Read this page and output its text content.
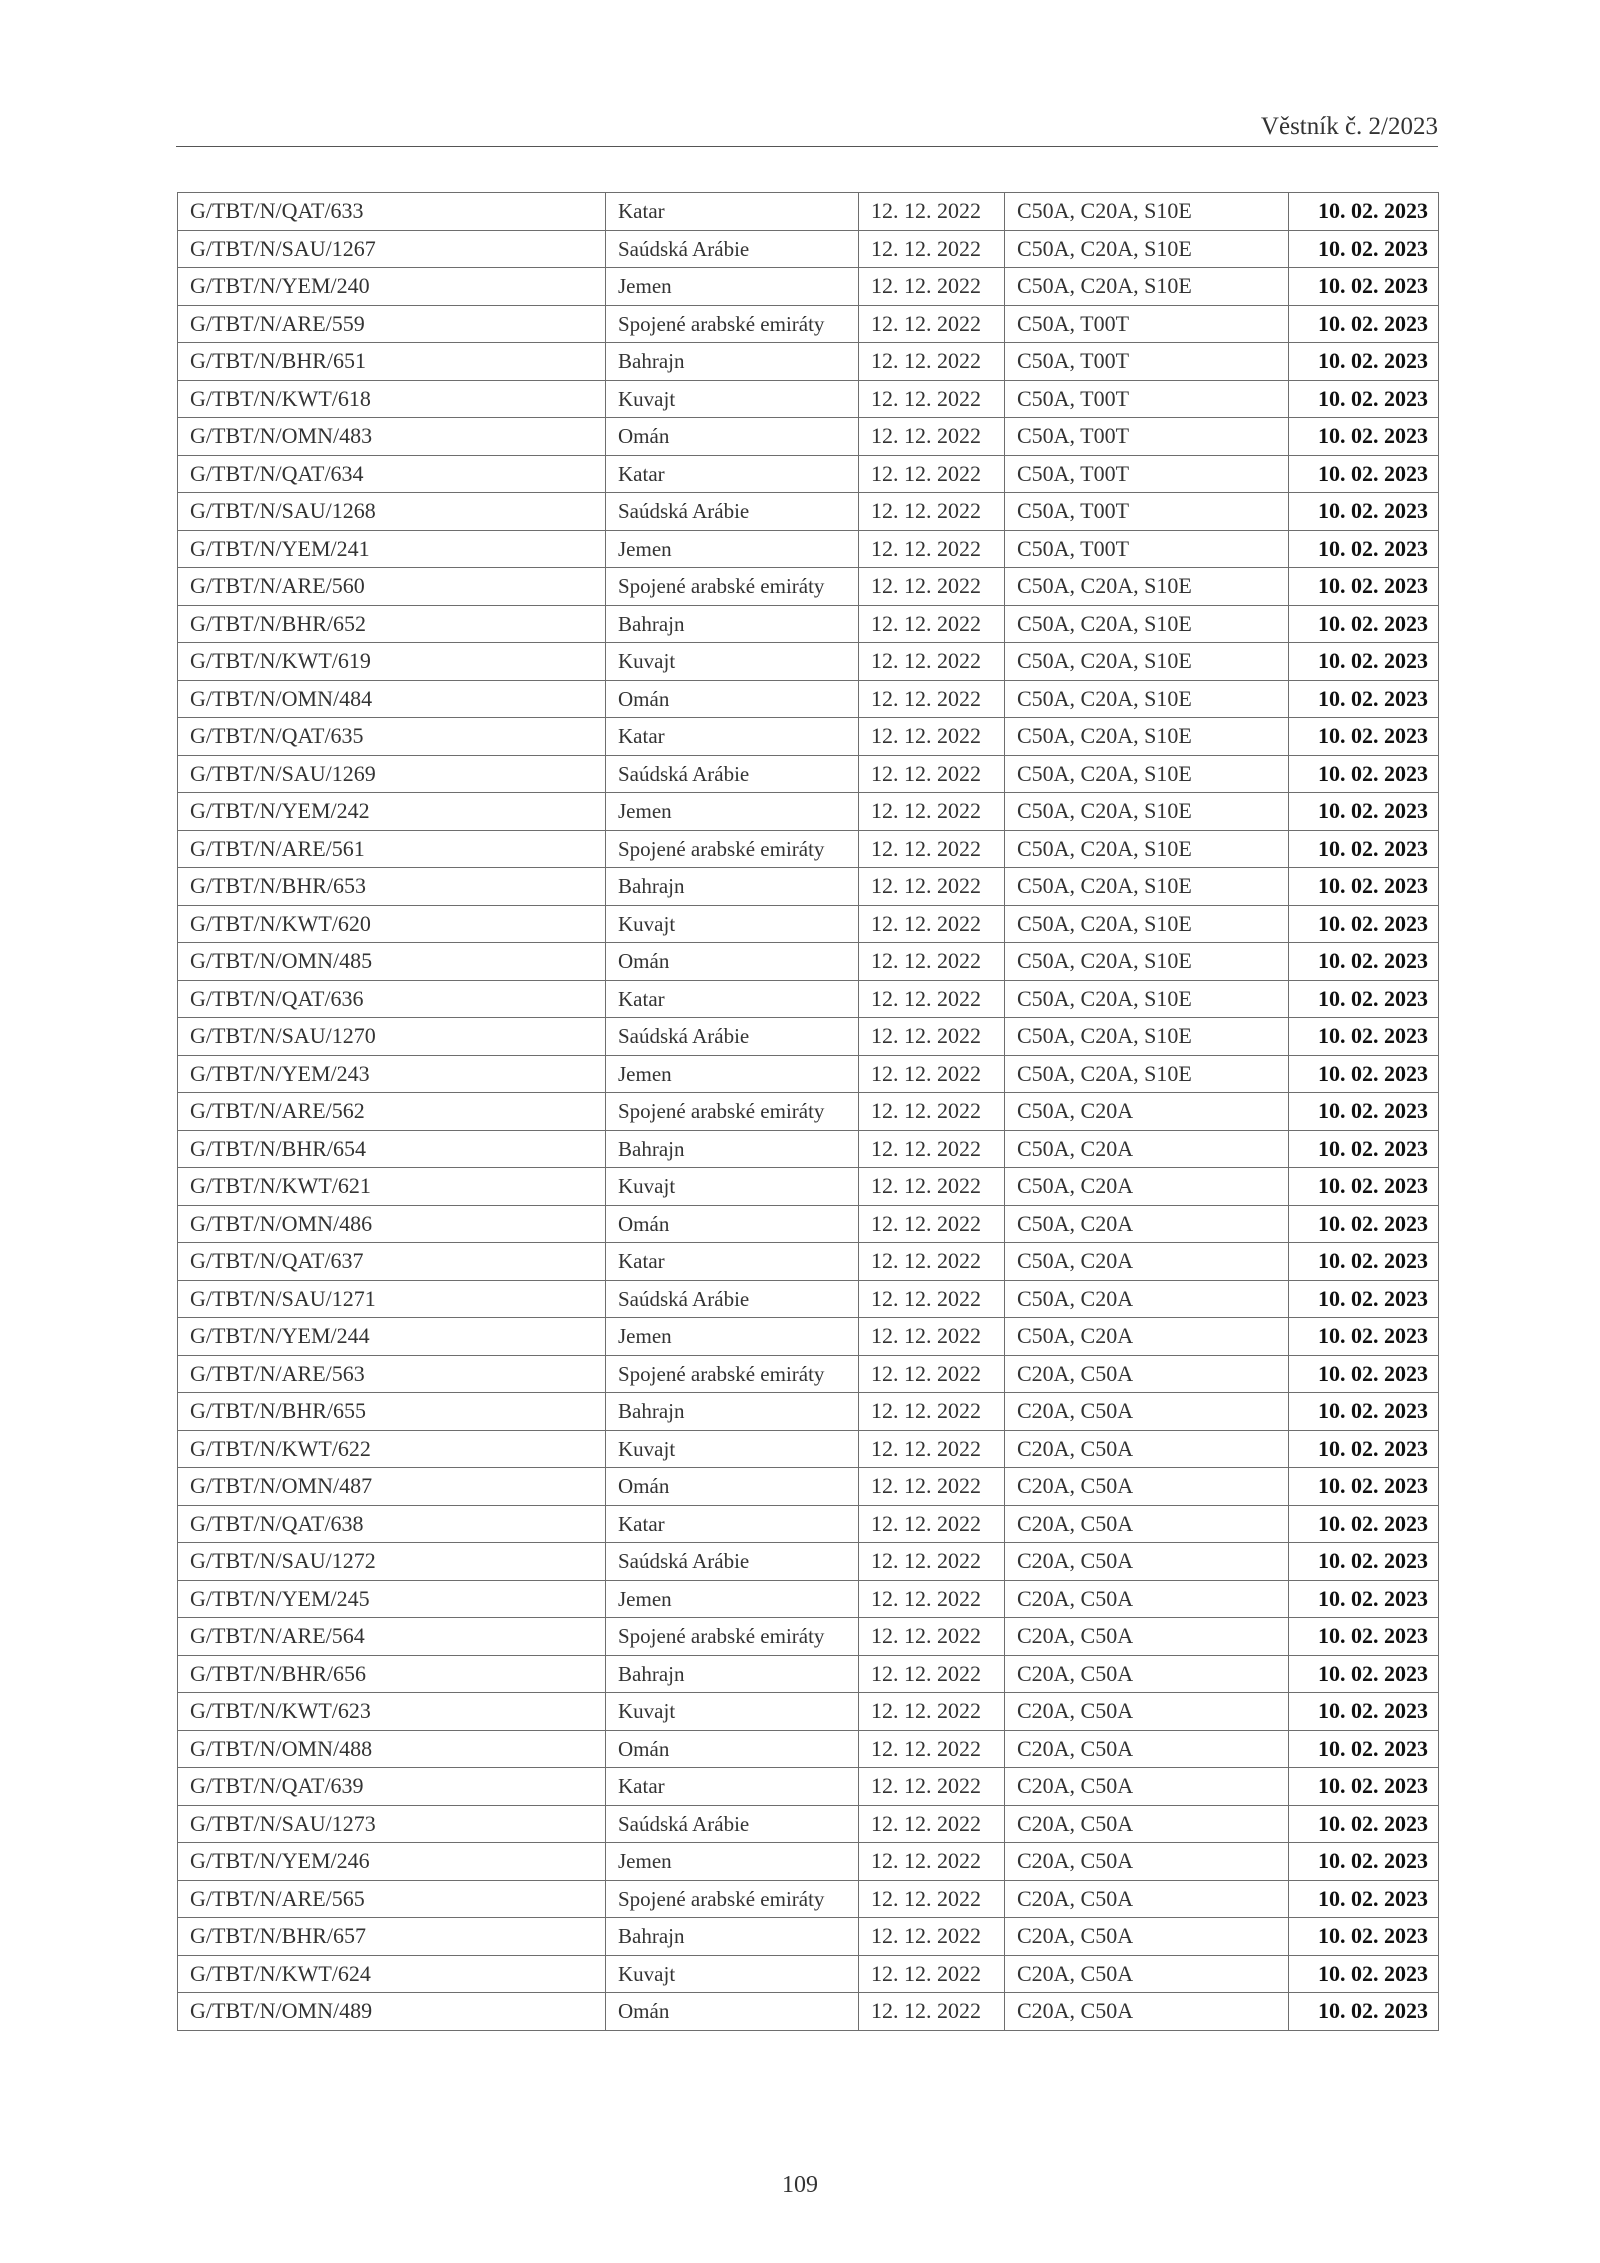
Věstník č. 2/2023
G/TBT/N/QAT/633	Katar	12. 12. 2022	C50A, C20A, S10E	10. 02. 2023
G/TBT/N/SAU/1267	Saúdská Arábie	12. 12. 2022	C50A, C20A, S10E	10. 02. 2023
G/TBT/N/YEM/240	Jemen	12. 12. 2022	C50A, C20A, S10E	10. 02. 2023
G/TBT/N/ARE/559	Spojené arabské emiráty	12. 12. 2022	C50A, T00T	10. 02. 2023
G/TBT/N/BHR/651	Bahrajn	12. 12. 2022	C50A, T00T	10. 02. 2023
G/TBT/N/KWT/618	Kuvajt	12. 12. 2022	C50A, T00T	10. 02. 2023
G/TBT/N/OMN/483	Omán	12. 12. 2022	C50A, T00T	10. 02. 2023
G/TBT/N/QAT/634	Katar	12. 12. 2022	C50A, T00T	10. 02. 2023
G/TBT/N/SAU/1268	Saúdská Arábie	12. 12. 2022	C50A, T00T	10. 02. 2023
G/TBT/N/YEM/241	Jemen	12. 12. 2022	C50A, T00T	10. 02. 2023
G/TBT/N/ARE/560	Spojené arabské emiráty	12. 12. 2022	C50A, C20A, S10E	10. 02. 2023
G/TBT/N/BHR/652	Bahrajn	12. 12. 2022	C50A, C20A, S10E	10. 02. 2023
G/TBT/N/KWT/619	Kuvajt	12. 12. 2022	C50A, C20A, S10E	10. 02. 2023
G/TBT/N/OMN/484	Omán	12. 12. 2022	C50A, C20A, S10E	10. 02. 2023
G/TBT/N/QAT/635	Katar	12. 12. 2022	C50A, C20A, S10E	10. 02. 2023
G/TBT/N/SAU/1269	Saúdská Arábie	12. 12. 2022	C50A, C20A, S10E	10. 02. 2023
G/TBT/N/YEM/242	Jemen	12. 12. 2022	C50A, C20A, S10E	10. 02. 2023
G/TBT/N/ARE/561	Spojené arabské emiráty	12. 12. 2022	C50A, C20A, S10E	10. 02. 2023
G/TBT/N/BHR/653	Bahrajn	12. 12. 2022	C50A, C20A, S10E	10. 02. 2023
G/TBT/N/KWT/620	Kuvajt	12. 12. 2022	C50A, C20A, S10E	10. 02. 2023
G/TBT/N/OMN/485	Omán	12. 12. 2022	C50A, C20A, S10E	10. 02. 2023
G/TBT/N/QAT/636	Katar	12. 12. 2022	C50A, C20A, S10E	10. 02. 2023
G/TBT/N/SAU/1270	Saúdská Arábie	12. 12. 2022	C50A, C20A, S10E	10. 02. 2023
G/TBT/N/YEM/243	Jemen	12. 12. 2022	C50A, C20A, S10E	10. 02. 2023
G/TBT/N/ARE/562	Spojené arabské emiráty	12. 12. 2022	C50A, C20A	10. 02. 2023
G/TBT/N/BHR/654	Bahrajn	12. 12. 2022	C50A, C20A	10. 02. 2023
G/TBT/N/KWT/621	Kuvajt	12. 12. 2022	C50A, C20A	10. 02. 2023
G/TBT/N/OMN/486	Omán	12. 12. 2022	C50A, C20A	10. 02. 2023
G/TBT/N/QAT/637	Katar	12. 12. 2022	C50A, C20A	10. 02. 2023
G/TBT/N/SAU/1271	Saúdská Arábie	12. 12. 2022	C50A, C20A	10. 02. 2023
G/TBT/N/YEM/244	Jemen	12. 12. 2022	C50A, C20A	10. 02. 2023
G/TBT/N/ARE/563	Spojené arabské emiráty	12. 12. 2022	C20A, C50A	10. 02. 2023
G/TBT/N/BHR/655	Bahrajn	12. 12. 2022	C20A, C50A	10. 02. 2023
G/TBT/N/KWT/622	Kuvajt	12. 12. 2022	C20A, C50A	10. 02. 2023
G/TBT/N/OMN/487	Omán	12. 12. 2022	C20A, C50A	10. 02. 2023
G/TBT/N/QAT/638	Katar	12. 12. 2022	C20A, C50A	10. 02. 2023
G/TBT/N/SAU/1272	Saúdská Arábie	12. 12. 2022	C20A, C50A	10. 02. 2023
G/TBT/N/YEM/245	Jemen	12. 12. 2022	C20A, C50A	10. 02. 2023
G/TBT/N/ARE/564	Spojené arabské emiráty	12. 12. 2022	C20A, C50A	10. 02. 2023
G/TBT/N/BHR/656	Bahrajn	12. 12. 2022	C20A, C50A	10. 02. 2023
G/TBT/N/KWT/623	Kuvajt	12. 12. 2022	C20A, C50A	10. 02. 2023
G/TBT/N/OMN/488	Omán	12. 12. 2022	C20A, C50A	10. 02. 2023
G/TBT/N/QAT/639	Katar	12. 12. 2022	C20A, C50A	10. 02. 2023
G/TBT/N/SAU/1273	Saúdská Arábie	12. 12. 2022	C20A, C50A	10. 02. 2023
G/TBT/N/YEM/246	Jemen	12. 12. 2022	C20A, C50A	10. 02. 2023
G/TBT/N/ARE/565	Spojené arabské emiráty	12. 12. 2022	C20A, C50A	10. 02. 2023
G/TBT/N/BHR/657	Bahrajn	12. 12. 2022	C20A, C50A	10. 02. 2023
G/TBT/N/KWT/624	Kuvajt	12. 12. 2022	C20A, C50A	10. 02. 2023
G/TBT/N/OMN/489	Omán	12. 12. 2022	C20A, C50A	10. 02. 2023
109
